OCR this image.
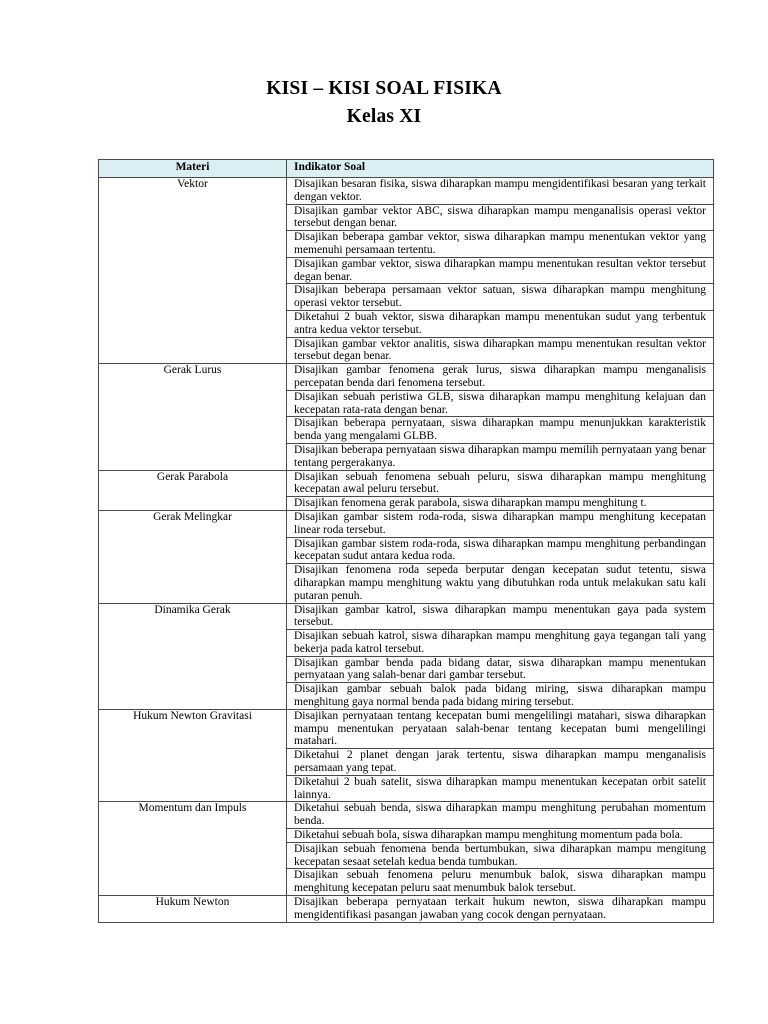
KISI – KISI SOAL FISIKA
Kelas XI
Materi	Indikator Soal
Vektor	Disajikan besaran fisika, siswa diharapkan mampu mengidentifikasi besaran yang terkait dengan vektor.
	Disajikan gambar vektor ABC, siswa diharapkan mampu menganalisis operasi vektor tersebut dengan benar.
	Disajikan beberapa gambar vektor, siswa diharapkan mampu menentukan vektor yang memenuhi persamaan tertentu.
	Disajikan gambar vektor, siswa diharapkan mampu menentukan resultan vektor tersebut degan benar.
	Disajikan beberapa persamaan vektor satuan, siswa diharapkan mampu menghitung operasi vektor tersebut.
	Diketahui 2 buah vektor, siswa diharapkan mampu menentukan sudut yang terbentuk antra kedua vektor tersebut.
	Disajikan gambar vektor analitis, siswa diharapkan mampu menentukan resultan vektor tersebut degan benar.
Gerak Lurus	Disajikan gambar fenomena gerak lurus, siswa diharapkan mampu menganalisis percepatan benda dari fenomena tersebut.
	Disajikan sebuah peristiwa GLB, siswa diharapkan mampu menghitung kelajuan dan kecepatan rata-rata dengan benar.
	Disajikan beberapa pernyataan, siswa diharapkan mampu menunjukkan karakteristik benda yang mengalami GLBB.
	Disajikan beberapa pernyataan siswa diharapkan mampu memilih pernyataan yang benar tentang pergerakanya.
Gerak Parabola	Disajikan sebuah fenomena sebuah peluru, siswa diharapkan mampu menghitung kecepatan awal peluru tersebut.
	Disajikan fenomena gerak parabola, siswa diharapkan mampu menghitung t.
Gerak Melingkar	Disajikan gambar sistem roda-roda, siswa diharapkan mampu menghitung kecepatan linear roda tersebut.
	Disajikan gambar sistem roda-roda, siswa diharapkan mampu menghitung perbandingan kecepatan sudut antara kedua roda.
	Disajikan fenomena roda sepeda berputar dengan kecepatan sudut tetentu, siswa diharapkan mampu menghitung waktu yang dibutuhkan roda untuk melakukan satu kali putaran penuh.
Dinamika Gerak	Disajikan gambar katrol, siswa diharapkan mampu menentukan gaya pada system tersebut.
	Disajikan sebuah katrol, siswa diharapkan mampu menghitung gaya tegangan tali yang bekerja pada katrol tersebut.
	Disajikan gambar benda pada bidang datar, siswa diharapkan mampu menentukan pernyataan yang salah-benar dari gambar tersebut.
	Disajikan gambar sebuah balok pada bidang miring, siswa diharapkan mampu menghitung gaya normal benda pada bidang miring tersebut.
Hukum Newton Gravitasi	Disajikan pernyataan tentang kecepatan bumi mengelilingi matahari, siswa diharapkan mampu menentukan peryataan salah-benar tentang kecepatan bumi mengelilingi matahari.
	Diketahui 2 planet dengan jarak tertentu, siswa diharapkan mampu menganalisis persamaan yang tepat.
	Diketahui 2 buah satelit, siswa diharapkan mampu menentukan kecepatan orbit satelit lainnya.
Momentum dan Impuls	Diketahui sebuah benda, siswa diharapkan mampu menghitung perubahan momentum benda.
	Diketahui sebuah bola, siswa diharapkan mampu menghitung momentum pada bola.
	Disajikan sebuah fenomena benda bertumbukan, siwa diharapkan mampu mengitung kecepatan sesaat setelah kedua benda tumbukan.
	Disajikan sebuah fenomena peluru menumbuk balok, siswa diharapkan mampu menghitung kecepatan peluru saat menumbuk balok tersebut.
Hukum Newton	Disajikan beberapa pernyataan terkait hukum newton, siswa diharapkan mampu mengidentifikasi pasangan jawaban yang cocok dengan pernyataan.
